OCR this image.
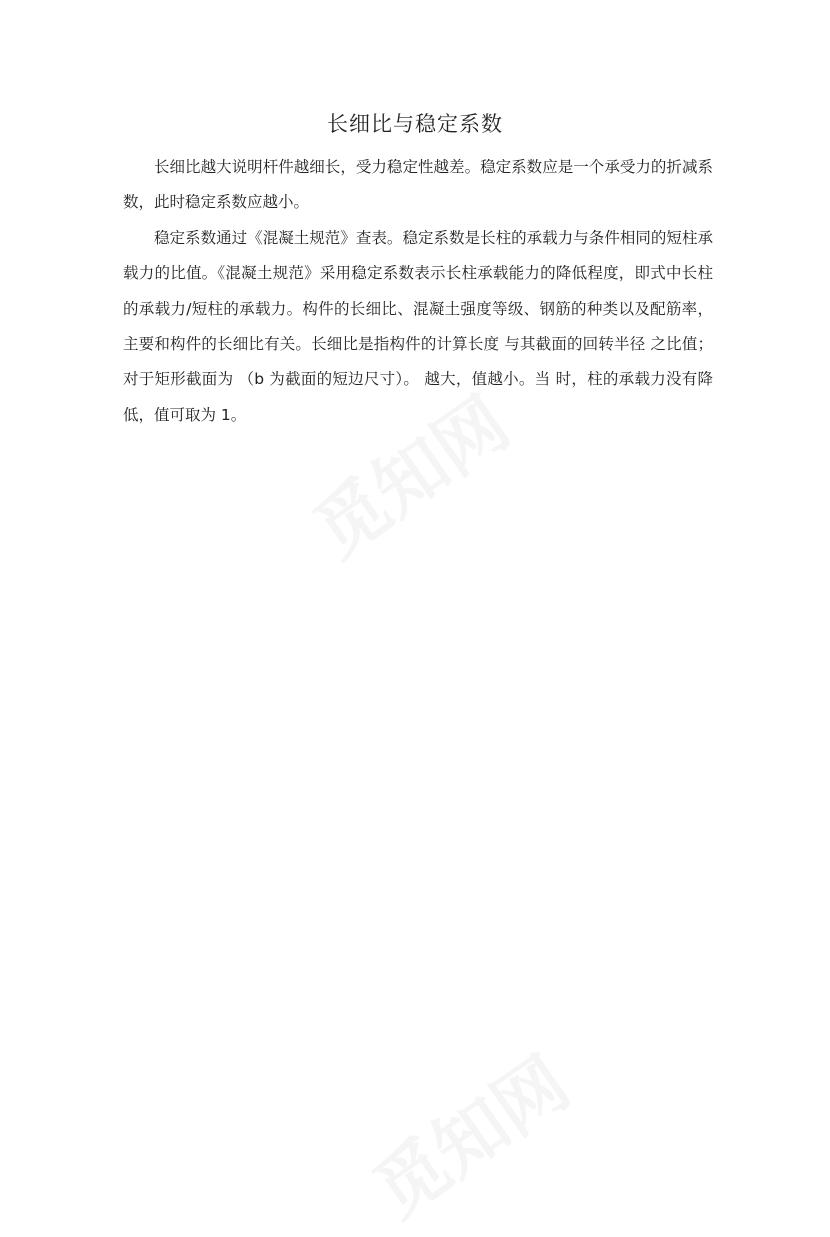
长细比与稳定系数

长细比越大说明杆件越细长，受力稳定性越差。稳定系数应是一个承受力的折减系数，此时稳定系数应越小。

稳定系数通过《混凝土规范》查表。稳定系数是长柱的承载力与条件相同的短柱承载力的比值。《混凝土规范》采用稳定系数表示长柱承载能力的降低程度，即式中长柱的承载力/短柱的承载力。构件的长细比、混凝土强度等级、钢筋的种类以及配筋率，主要和构件的长细比有关。长细比是指构件的计算长度 与其截面的回转半径 之比值；对于矩形截面为 （b 为截面的短边尺寸）。 越大，值越小。当 时，柱的承载力没有降低，值可取为 1。 觅知网
觅知网
